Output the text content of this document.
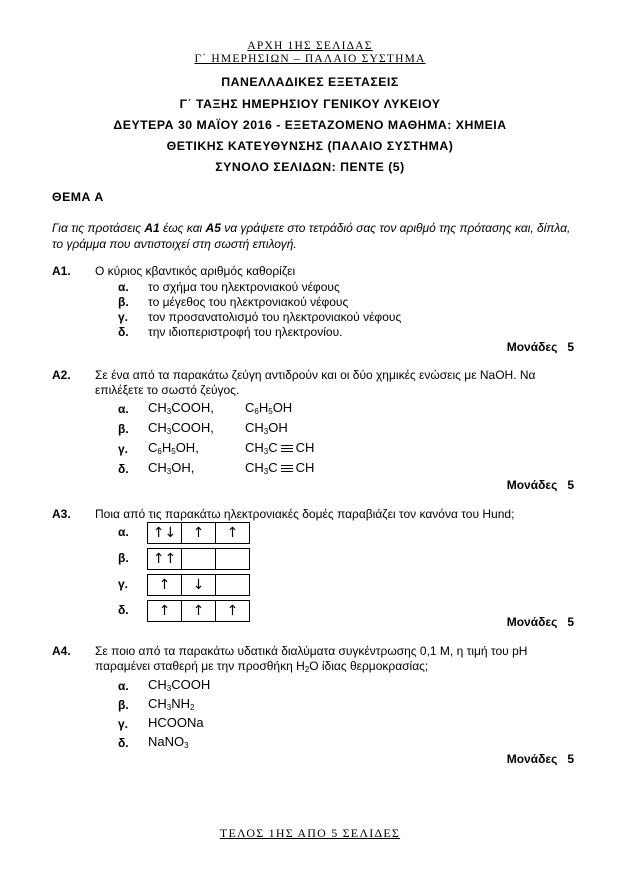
ΑΡΧΗ 1ΗΣ ΣΕΛΙΔΑΣ
Γ΄ ΗΜΕΡΗΣΙΩΝ – ΠΑΛΑΙΟ ΣΥΣΤΗΜΑ
ΠΑΝΕΛΛΑΔΙΚΕΣ ΕΞΕΤΑΣΕΙΣ
Γ΄ ΤΑΞΗΣ ΗΜΕΡΗΣΙΟΥ ΓΕΝΙΚΟΥ ΛΥΚΕΙΟΥ
ΔΕΥΤΕΡΑ 30 ΜΑΪΟΥ 2016 - ΕΞΕΤΑΖΟΜΕΝΟ ΜΑΘΗΜΑ: ΧΗΜΕΙΑ
ΘΕΤΙΚΗΣ ΚΑΤΕΥΘΥΝΣΗΣ (ΠΑΛΑΙΟ ΣΥΣΤΗΜΑ)
ΣΥΝΟΛΟ ΣΕΛΙΔΩΝ: ΠΕΝΤΕ (5)
ΘΕΜΑ Α
Για τις προτάσεις Α1 έως και Α5 να γράψετε στο τετράδιό σας τον αριθμό της πρότασης και, δίπλα, το γράμμα που αντιστοιχεί στη σωστή επιλογή.
Α1. Ο κύριος κβαντικός αριθμός καθορίζει
α. το σχήμα του ηλεκτρονιακού νέφους
β. το μέγεθος του ηλεκτρονιακού νέφους
γ. τον προσανατολισμό του ηλεκτρονιακού νέφους
δ. την ιδιοπεριστροφή του ηλεκτρονίου.
Μονάδες 5
Α2. Σε ένα από τα παρακάτω ζεύγη αντιδρούν και οι δύο χημικές ενώσεις με NaOH. Να επιλέξετε το σωστό ζεύγος.
α. $CH_3COOH$, $C_6H_5OH$
β. $CH_3COOH$, $CH_3OH$
γ. $C_6H_5OH$,	$CH_3C$ CH
δ. $CH_3OH$,	$CH_3C$ CH
Μονάδες 5
Α3. Ποια από τις παρακάτω ηλεκτρονιακές δομές παραβιάζει τον κανόνα του Hund;
α.	↑↓	↑	↑
β.	↑↑
γ.	↑	↓
δ.	↑	↑	↑
Μονάδες 5
Α4. Σε ποιο από τα παρακάτω υδατικά διαλύματα συγκέντρωσης 0,1 Μ, η τιμή του pH παραμένει σταθερή με την προσθήκη $H_2O$ ίδιας θερμοκρασίας;
α. $CH_3COOH$
β. $CH_3NH_2$
γ. HCOONa
δ. NaNO$_3$
Μονάδες 5
ΤΕΛΟΣ 1ΗΣ ΑΠΟ 5 ΣΕΛΙΔΕΣ
